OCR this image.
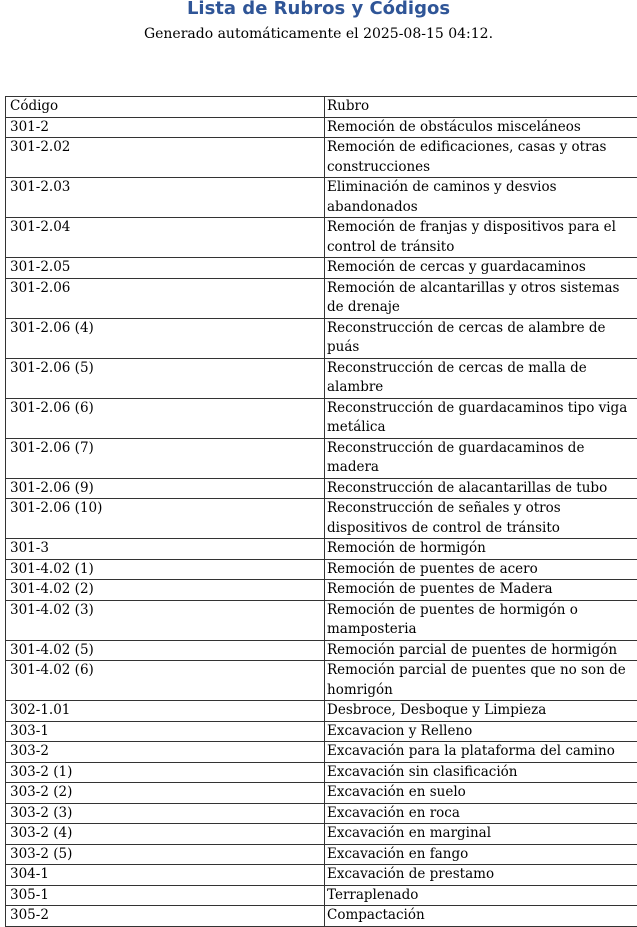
Lista de Rubros y Códigos
Generado automáticamente el 2025-08-15 04:12.
Código	Rubro
301-2	Remoción de obstáculos misceláneos
301-2.02	Remoción de edificaciones, casas y otras construcciones
301-2.03	Eliminación de caminos y desvios abandonados
301-2.04	Remoción de franjas y dispositivos para el control de tránsito
301-2.05	Remoción de cercas y guardacaminos
301-2.06	Remoción de alcantarillas y otros sistemas de drenaje
301-2.06 (4)	Reconstrucción de cercas de alambre de puás
301-2.06 (5)	Reconstrucción de cercas de malla de alambre
301-2.06 (6)	Reconstrucción de guardacaminos tipo viga metálica
301-2.06 (7)	Reconstrucción de guardacaminos de madera
301-2.06 (9)	Reconstrucción de alacantarillas de tubo
301-2.06 (10)	Reconstrucción de señales y otros dispositivos de control de tránsito
301-3	Remoción de hormigón
301-4.02 (1)	Remoción de puentes de acero
301-4.02 (2)	Remoción de puentes de Madera
301-4.02 (3)	Remoción de puentes de hormigón o mamposteria
301-4.02 (5)	Remoción parcial de puentes de hormigón
301-4.02 (6)	Remoción parcial de puentes que no son de homrigón
302-1.01	Desbroce, Desboque y Limpieza
303-1	Excavacion y Relleno
303-2	Excavación para la plataforma del camino
303-2 (1)	Excavación sin clasificación
303-2 (2)	Excavación en suelo
303-2 (3)	Excavación en roca
303-2 (4)	Excavación en marginal
303-2 (5)	Excavación en fango
304-1	Excavación de prestamo
305-1	Terraplenado
305-2	Compactación
